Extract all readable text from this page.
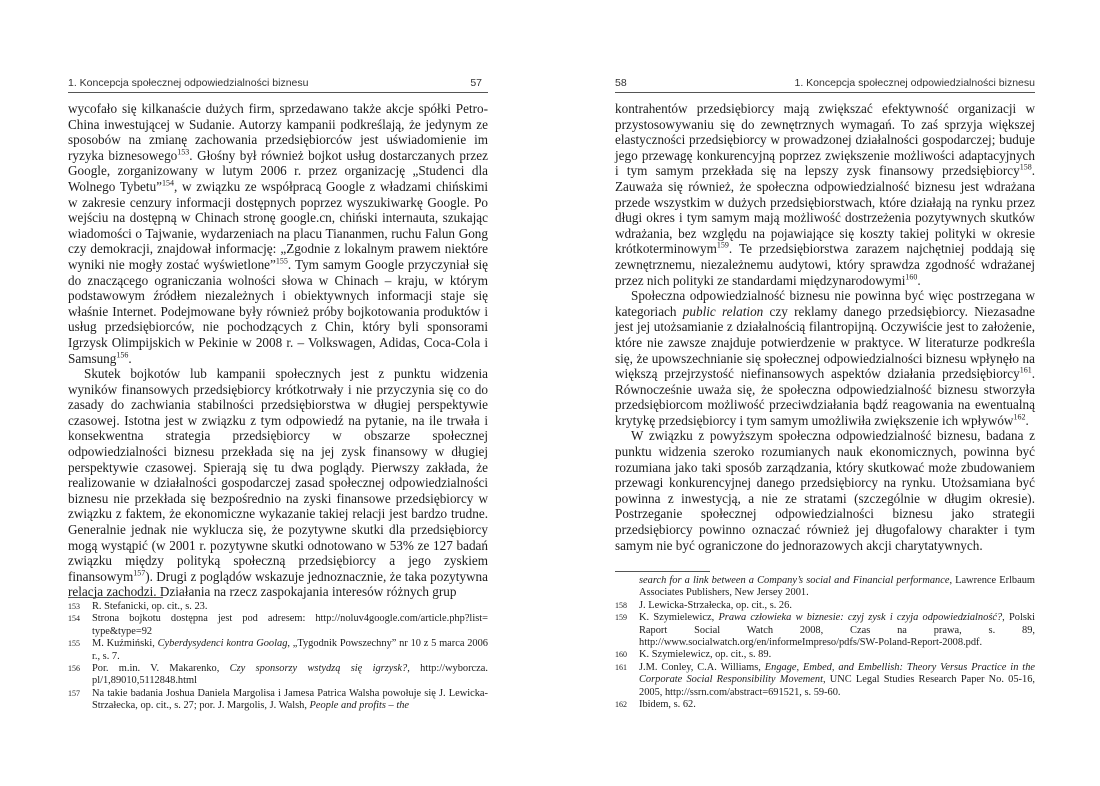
1. Koncepcja społecznej odpowiedzialności biznesu	57

wycofało się kilkanaście dużych firm, sprzedawano także akcje spółki Petro-China inwestującej w Sudanie. Autorzy kampanii podkreślają, że jedynym ze sposobów na zmianę zachowania przedsiębiorców jest uświadomienie im ryzyka biznesowego$^{153}$. Głośny był również bojkot usług dostarczanych przez Google, zorganizowany w lutym 2006 r. przez organizację „Studenci dla Wolnego Tybetu”$^{154}$, w związku ze współpracą Google z władzami chińskimi w zakresie cenzury informacji dostępnych poprzez wyszukiwarkę Google. Po wejściu na dostępną w Chinach stronę google.cn, chiński internauta, szukając wiadomości o Tajwanie, wydarzeniach na placu Tiananmen, ruchu Falun Gong czy demokracji, znajdował informację: „Zgodnie z lokalnym prawem niektóre wyniki nie mogły zostać wyświetlone”$^{155}$. Tym samym Google przyczyniał się do znaczącego ograniczania wolności słowa w Chinach – kraju, w którym podstawowym źródłem niezależnych i obiektywnych informacji staje się właśnie Internet. Podejmowane były również próby bojkotowania produktów i usług przedsiębiorców, nie pochodzących z Chin, który byli sponsorami Igrzysk Olimpijskich w Pekinie w 2008 r. – Volkswagen, Adidas, Coca-Cola i Samsung$^{156}$.

Skutek bojkotów lub kampanii społecznych jest z punktu widzenia wyników finansowych przedsiębiorcy krótkotrwały i nie przyczynia się co do zasady do zachwiania stabilności przedsiębiorstwa w długiej perspektywie czasowej. Istotna jest w związku z tym odpowiedź na pytanie, na ile trwała i konsekwentna strategia przedsiębiorcy w obszarze społecznej odpowiedzialności biznesu przekłada się na jej zysk finansowy w długiej perspektywie czasowej. Spierają się tu dwa poglądy. Pierwszy zakłada, że realizowanie w działalności gospodarczej zasad społecznej odpowiedzialności biznesu nie przekłada się bezpośrednio na zyski finansowe przedsiębiorcy w związku z faktem, że ekonomiczne wykazanie takiej relacji jest bardzo trudne. Generalnie jednak nie wyklucza się, że pozytywne skutki dla przedsiębiorcy mogą wystąpić (w 2001 r. pozytywne skutki odnotowano w 53% ze 127 badań związku między polityką społeczną przedsiębiorcy a jego zyskiem finansowym$^{157}$). Drugi z poglądów wskazuje jednoznacznie, że taka pozytywna relacja zachodzi. Działania na rzecz zaspokajania interesów różnych grup

153 R. Stefanicki, op. cit., s. 23.
154 Strona bojkotu dostępna jest pod adresem: http://noluv4google.com/article.php?list= type&type=92
155 M. Kuźmiński, Cyberdysydenci kontra Goolag, „Tygodnik Powszechny” nr 10 z 5 marca 2006 r., s. 7.
156 Por. m.in. V. Makarenko, Czy sponsorzy wstydzą się igrzysk?, http://wyborcza. pl/1,89010,5112848.html
157 Na takie badania Joshua Daniela Margolisa i Jamesa Patrica Walsha powołuje się J. Lewicka-Strzałecka, op. cit., s. 27; por. J. Margolis, J. Walsh, People and profits – the
58	1. Koncepcja społecznej odpowiedzialności biznesu

kontrahentów przedsiębiorcy mają zwiększać efektywność organizacji w przystosowywaniu się do zewnętrznych wymagań. To zaś sprzyja większej elastyczności przedsiębiorcy w prowadzonej działalności gospodarczej; buduje jego przewagę konkurencyjną poprzez zwiększenie możliwości adaptacyjnych i tym samym przekłada się na lepszy zysk finansowy przedsiębiorcy$^{158}$. Zauważa się również, że społeczna odpowiedzialność biznesu jest wdrażana przede wszystkim w dużych przedsiębiorstwach, które działają na rynku przez długi okres i tym samym mają możliwość dostrzeżenia pozytywnych skutków wdrażania, bez względu na pojawiające się koszty takiej polityki w okresie krótkoterminowym$^{159}$. Te przedsiębiorstwa zarazem najchętniej poddają się zewnętrznemu, niezależnemu audytowi, który sprawdza zgodność wdrażanej przez nich polityki ze standardami międzynarodowymi$^{160}$.

Społeczna odpowiedzialność biznesu nie powinna być więc postrzegana w kategoriach public relation czy reklamy danego przedsiębiorcy. Niezasadne jest jej utożsamianie z działalnością filantropijną. Oczywiście jest to założenie, które nie zawsze znajduje potwierdzenie w praktyce. W literaturze podkreśla się, że upowszechnianie się społecznej odpowiedzialności biznesu wpłynęło na większą przejrzystość niefinansowych aspektów działania przedsiębiorcy$^{161}$. Równocześnie uważa się, że społeczna odpowiedzialność biznesu stworzyła przedsiębiorcom możliwość przeciwdziałania bądź reagowania na ewentualną krytykę przedsiębiorcy i tym samym umożliwiła zwiększenie ich wpływów$^{162}$.

W związku z powyższym społeczna odpowiedzialność biznesu, badana z punktu widzenia szeroko rozumianych nauk ekonomicznych, powinna być rozumiana jako taki sposób zarządzania, który skutkować może zbudowaniem przewagi konkurencyjnej danego przedsiębiorcy na rynku. Utożsamiana być powinna z inwestycją, a nie ze stratami (szczególnie w długim okresie). Postrzeganie społecznej odpowiedzialności biznesu jako strategii przedsiębiorcy powinno oznaczać również jej długofalowy charakter i tym samym nie być ograniczone do jednorazowych akcji charytatywnych.

search for a link between a Company’s social and Financial performance, Lawrence Erlbaum Associates Publishers, New Jersey 2001.
158 J. Lewicka-Strzałecka, op. cit., s. 26.
159 K. Szymielewicz, Prawa człowieka w biznesie: czyj zysk i czyja odpowiedzialność?, Polski Raport Social Watch 2008, Czas na prawa, s. 89, http://www.socialwatch.org/en/informeImpreso/pdfs/SW-Poland-Report-2008.pdf.
160 K. Szymielewicz, op. cit., s. 89.
161 J.M. Conley, C.A. Williams, Engage, Embed, and Embellish: Theory Versus Practice in the Corporate Social Responsibility Movement, UNC Legal Studies Research Paper No. 05-16, 2005, http://ssrn.com/abstract=691521, s. 59-60.
162 Ibidem, s. 62.
